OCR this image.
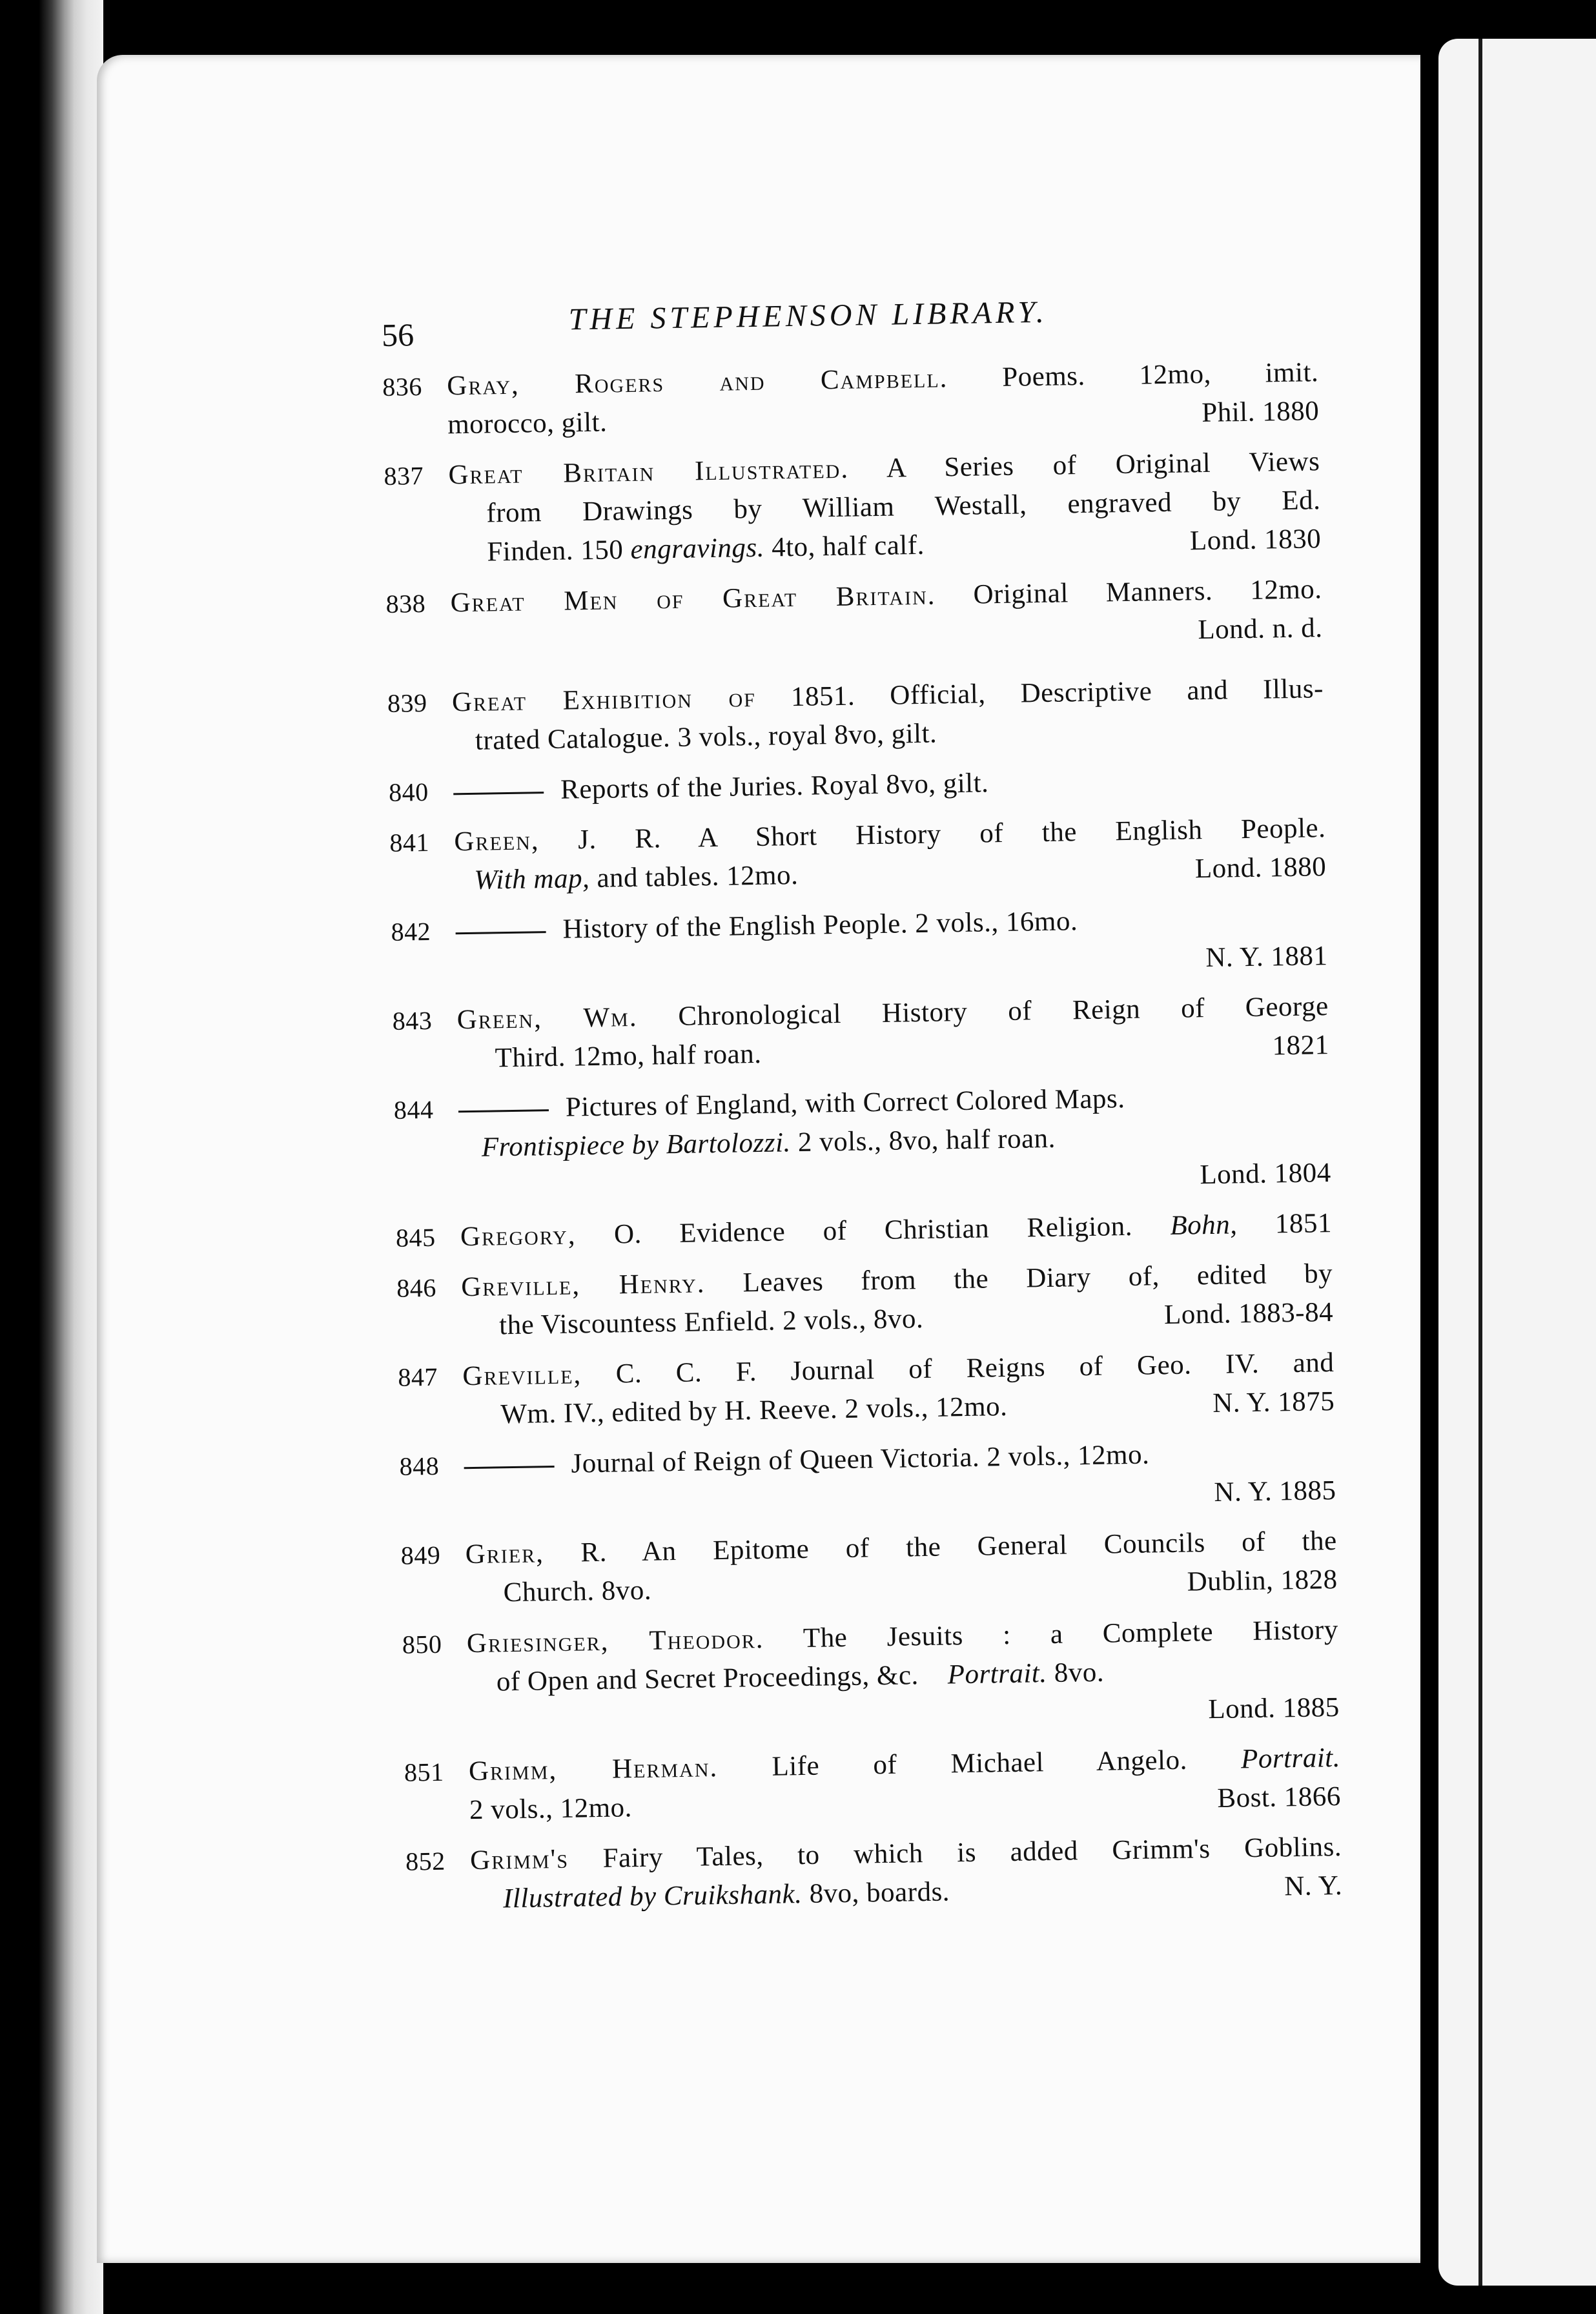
56	THE STEPHENSON LIBRARY.
836 Gray, Rogers and Campbell. Poems. 12mo, imit.
morocco, gilt.	Phil. 1880
837 Great Britain Illustrated. A Series of Original Views
from Drawings by William Westall, engraved by Ed.
Finden. 150 engravings. 4to, half calf.	Lond. 1830
838 Great Men of Great Britain. Original Manners. 12mo.
Lond. n. d.
839 Great Exhibition of 1851. Official, Descriptive and Illus-
trated Catalogue. 3 vols., royal 8vo, gilt.
840	Reports of the Juries. Royal 8vo, gilt.
841 Green, J. R. A Short History of the English People.
With map, and tables. 12mo.	Lond. 1880
842	History of the English People. 2 vols., 16mo.
N. Y. 1881
843 Green, Wm. Chronological History of Reign of George
Third. 12mo, half roan.	1821
844	Pictures of England, with Correct Colored Maps.
Frontispiece by Bartolozzi. 2 vols., 8vo, half roan.
Lond. 1804
845 Gregory, O. Evidence of Christian Religion. Bohn, 1851
846 Greville, Henry. Leaves from the Diary of, edited by
the Viscountess Enfield. 2 vols., 8vo.	Lond. 1883-84
847 Greville, C. C. F. Journal of Reigns of Geo. IV. and
Wm. IV., edited by H. Reeve. 2 vols., 12mo.	N. Y. 1875
848	Journal of Reign of Queen Victoria. 2 vols., 12mo.
N. Y. 1885
849 Grier, R. An Epitome of the General Councils of the
Church. 8vo.	Dublin, 1828
850 Griesinger, Theodor. The Jesuits : a Complete History
of Open and Secret Proceedings, &c. Portrait. 8vo.
Lond. 1885
851 Grimm, Herman. Life of Michael Angelo. Portrait.
2 vols., 12mo.	Bost. 1866
852 Grimm's Fairy Tales, to which is added Grimm's Goblins.
Illustrated by Cruikshank. 8vo, boards.	N. Y.
